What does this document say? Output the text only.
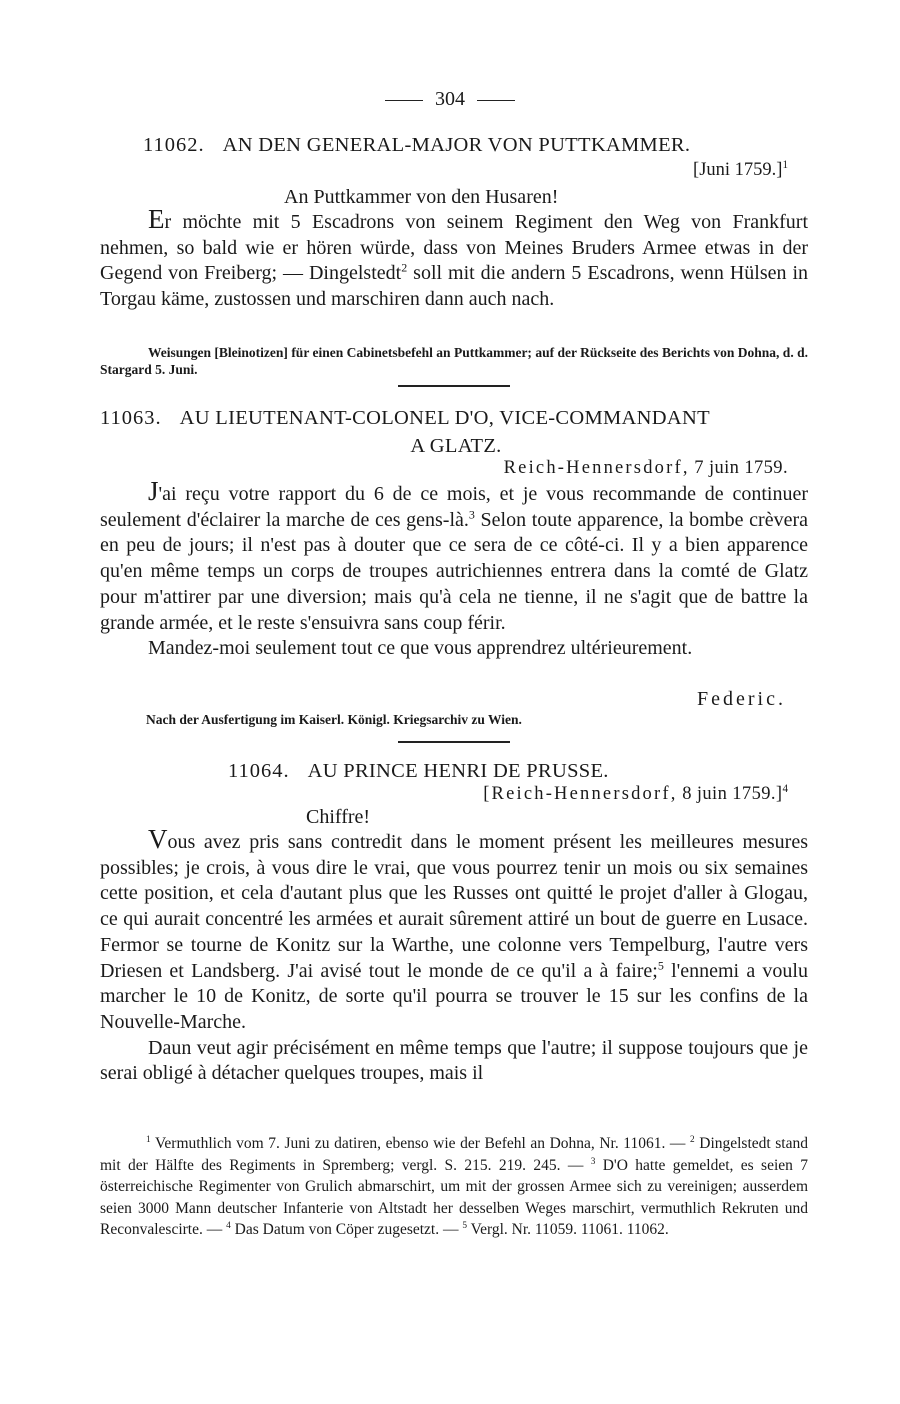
304
11062. AN DEN GENERAL-MAJOR VON PUTTKAMMER.
[Juni 1759.]$^1$
An Puttkammer von den Husaren!

Er möchte mit 5 Escadrons von seinem Regiment den Weg von Frankfurt nehmen, so bald wie er hören würde, dass von Meines Bruders Armee etwas in der Gegend von Freiberg; — Dingelstedt$^2$ soll mit die andern 5 Escadrons, wenn Hülsen in Torgau käme, zustossen und marschiren dann auch nach.

Weisungen [Bleinotizen] für einen Cabinetsbefehl an Puttkammer; auf der Rückseite des Berichts von Dohna, d. d. Stargard 5. Juni.
11063. AU LIEUTENANT-COLONEL D'O, VICE-COMMANDANT
A GLATZ.
Reich-Hennersdorf, 7 juin 1759.

J'ai reçu votre rapport du 6 de ce mois, et je vous recommande de continuer seulement d'éclairer la marche de ces gens-là.$^3$ Selon toute apparence, la bombe crèvera en peu de jours; il n'est pas à douter que ce sera de ce côté-ci. Il y a bien apparence qu'en même temps un corps de troupes autrichiennes entrera dans la comté de Glatz pour m'attirer par une diversion; mais qu'à cela ne tienne, il ne s'agit que de battre la grande armée, et le reste s'ensuivra sans coup férir.

Mandez-moi seulement tout ce que vous apprendrez ultérieurement.

Federic.
Nach der Ausfertigung im Kaiserl. Königl. Kriegsarchiv zu Wien.
11064. AU PRINCE HENRI DE PRUSSE.
[Reich-Hennersdorf, 8 juin 1759.]$^4$
Chiffre!

Vous avez pris sans contredit dans le moment présent les meilleures mesures possibles; je crois, à vous dire le vrai, que vous pourrez tenir un mois ou six semaines cette position, et cela d'autant plus que les Russes ont quitté le projet d'aller à Glogau, ce qui aurait concentré les armées et aurait sûrement attiré un bout de guerre en Lusace. Fermor se tourne de Konitz sur la Warthe, une colonne vers Tempelburg, l'autre vers Driesen et Landsberg. J'ai avisé tout le monde de ce qu'il a à faire;$^5$ l'ennemi a voulu marcher le 10 de Konitz, de sorte qu'il pourra se trouver le 15 sur les confins de la Nouvelle-Marche.

Daun veut agir précisément en même temps que l'autre; il suppose toujours que je serai obligé à détacher quelques troupes, mais il

$^1$ Vermuthlich vom 7. Juni zu datiren, ebenso wie der Befehl an Dohna, Nr. 11061. — $^2$ Dingelstedt stand mit der Hälfte des Regiments in Spremberg; vergl. S. 215. 219. 245. — $^3$ D'O hatte gemeldet, es seien 7 österreichische Regimenter von Grulich abmarschirt, um mit der grossen Armee sich zu vereinigen; ausserdem seien 3000 Mann deutscher Infanterie von Altstadt her desselben Weges marschirt, vermuthlich Rekruten und Reconvalescirte. — $^4$ Das Datum von Cöper zugesetzt. — $^5$ Vergl. Nr. 11059. 11061. 11062.
